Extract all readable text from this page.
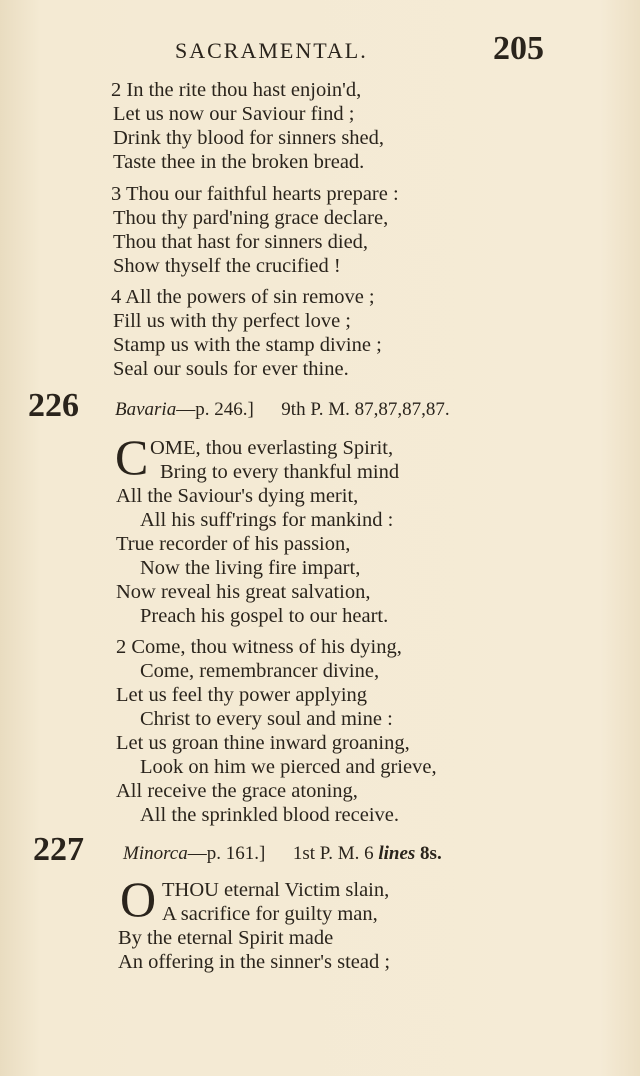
SACRAMENTAL.	205
2 In the rite thou hast enjoin'd,
Let us now our Saviour find ;
Drink thy blood for sinners shed,
Taste thee in the broken bread.
3 Thou our faithful hearts prepare :
Thou thy pard'ning grace declare,
Thou that hast for sinners died,
Show thyself the crucified !
4 All the powers of sin remove ;
Fill us with thy perfect love ;
Stamp us with the stamp divine ;
Seal our souls for ever thine.
226 Bavaria—p. 246.] 9th P. M. 87,87,87,87.
C OME, thou everlasting Spirit,
Bring to every thankful mind
All the Saviour's dying merit,
All his suff'rings for mankind :
True recorder of his passion,
Now the living fire impart,
Now reveal his great salvation,
Preach his gospel to our heart.
2 Come, thou witness of his dying,
Come, remembrancer divine,
Let us feel thy power applying
Christ to every soul and mine :
Let us groan thine inward groaning,
Look on him we pierced and grieve,
All receive the grace atoning,
All the sprinkled blood receive.
227 Minorca—p. 161.] 1st P. M. 6 lines 8s.
O THOU eternal Victim slain,
A sacrifice for guilty man,
By the eternal Spirit made
An offering in the sinner's stead ;
